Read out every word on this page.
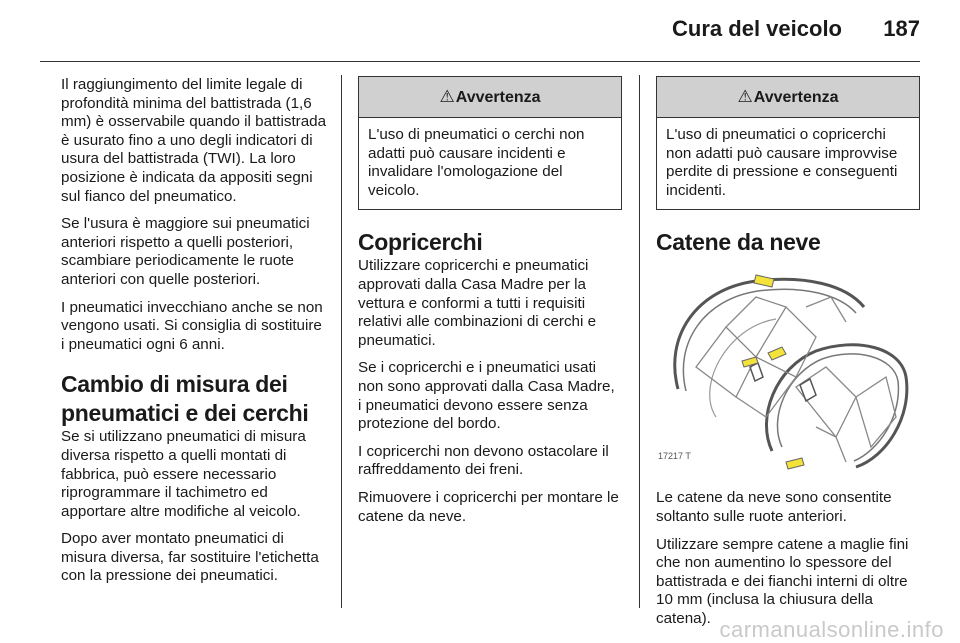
Cura del veicolo 187

Il raggiungimento del limite legale di profondità minima del battistrada (1,6 mm) è osservabile quando il battistrada è usurato fino a uno degli indicatori di usura del battistrada (TWI). La loro posizione è indicata da appositi segni sul fianco del pneumatico.

Se l'usura è maggiore sui pneumatici anteriori rispetto a quelli posteriori, scambiare periodicamente le ruote anteriori con quelle posteriori.

I pneumatici invecchiano anche se non vengono usati. Si consiglia di sostituire i pneumatici ogni 6 anni.

Cambio di misura dei pneumatici e dei cerchi

Se si utilizzano pneumatici di misura diversa rispetto a quelli montati di fabbrica, può essere necessario riprogrammare il tachimetro ed apportare altre modifiche al veicolo.

Dopo aver montato pneumatici di misura diversa, far sostituire l'etichetta con la pressione dei pneumatici.

⚠Avvertenza

L'uso di pneumatici o cerchi non adatti può causare incidenti e invalidare l'omologazione del veicolo.

Copricerchi

Utilizzare copricerchi e pneumatici approvati dalla Casa Madre per la vettura e conformi a tutti i requisiti relativi alle combinazioni di cerchi e pneumatici.

Se i copricerchi e i pneumatici usati non sono approvati dalla Casa Madre, i pneumatici devono essere senza protezione del bordo.

I copricerchi non devono ostacolare il raffreddamento dei freni.

Rimuovere i copricerchi per montare le catene da neve.

⚠Avvertenza

L'uso di pneumatici o copricerchi non adatti può causare improvvise perdite di pressione e conseguenti incidenti.

Catene da neve
17217 T

Le catene da neve sono consentite soltanto sulle ruote anteriori.

Utilizzare sempre catene a maglie fini che non aumentino lo spessore del battistrada e dei fianchi interni di oltre 10 mm (inclusa la chiusura della catena). carmanualsonline.info
